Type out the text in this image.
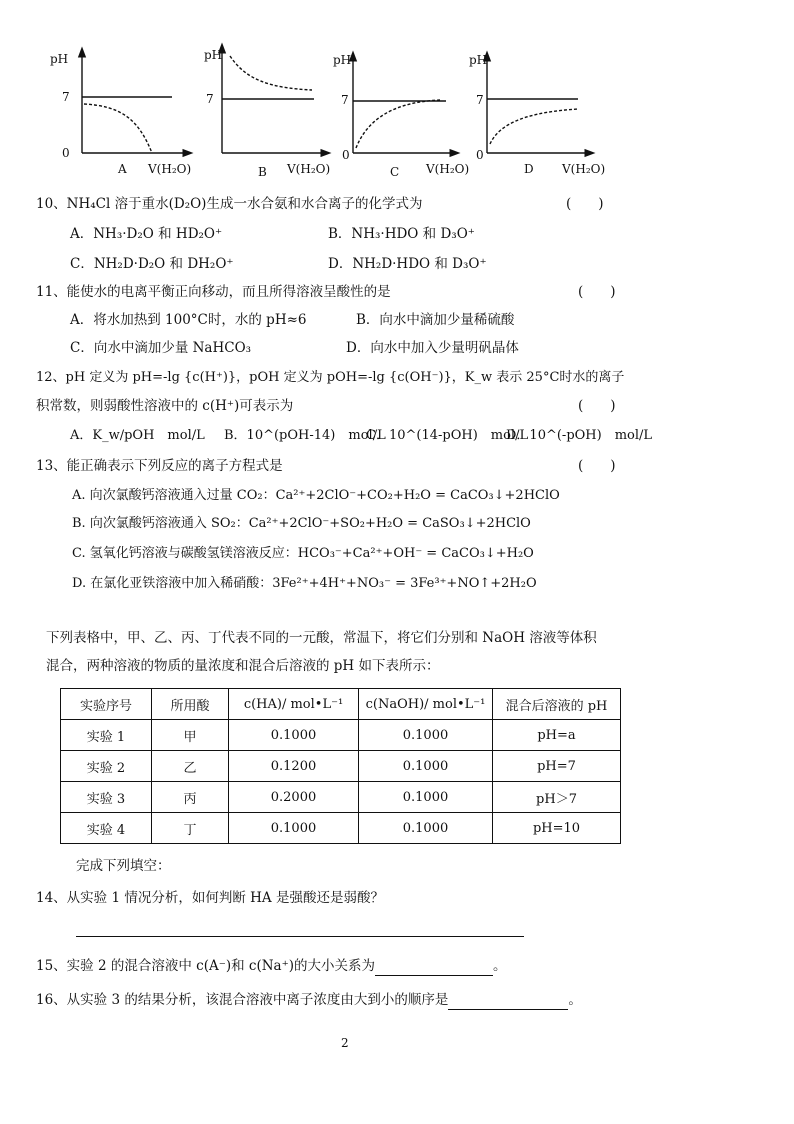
pH
7
0
A V(H₂O)
pH
7
B V(H₂O)
pH
7
0
C V(H₂O)
pH
7
0
D V(H₂O)
10、NH₄Cl 溶于重水(D₂O)生成一水合氨和水合离子的化学式为	(　　)
A．NH₃·D₂O 和 HD₂O⁺	B．NH₃·HDO 和 D₃O⁺
C．NH₂D·D₂O 和 DH₂O⁺	D．NH₂D·HDO 和 D₃O⁺
11、能使水的电离平衡正向移动，而且所得溶液呈酸性的是	(　　)
A．将水加热到 100°C时，水的 pH≈6	B．向水中滴加少量稀硫酸
C．向水中滴加少量 NaHCO₃	D．向水中加入少量明矾晶体
12、pH 定义为 pH=-lg {c(H⁺)}，pOH 定义为 pOH=-lg {c(OH⁻)}，K_w 表示 25°C时水的离子
积常数，则弱酸性溶液中的 c(H⁺)可表示为	(　　)
A．K_w/pOH　mol/L B．10^(pOH-14)　mol/L
C．10^(14-pOH)　mol/L
D．10^(-pOH)　mol/L
13、能正确表示下列反应的离子方程式是	(　　)
A. 向次氯酸钙溶液通入过量 CO₂：Ca²⁺+2ClO⁻+CO₂+H₂O = CaCO₃↓+2HClO
B. 向次氯酸钙溶液通入 SO₂：Ca²⁺+2ClO⁻+SO₂+H₂O = CaSO₃↓+2HClO
C. 氢氧化钙溶液与碳酸氢镁溶液反应：HCO₃⁻+Ca²⁺+OH⁻ = CaCO₃↓+H₂O
D. 在氯化亚铁溶液中加入稀硝酸：3Fe²⁺+4H⁺+NO₃⁻ = 3Fe³⁺+NO↑+2H₂O
下列表格中，甲、乙、丙、丁代表不同的一元酸，常温下，将它们分别和 NaOH 溶液等体积
混合，两种溶液的物质的量浓度和混合后溶液的 pH 如下表所示：
实验序号	所用酸	c(HA)/ mol•L⁻¹	c(NaOH)/ mol•L⁻¹	混合后溶液的 pH
实验 1	甲	0.1000	0.1000	pH=a
实验 2	乙	0.1200	0.1000	pH=7
实验 3	丙	0.2000	0.1000	pH＞7
实验 4	丁	0.1000	0.1000	pH=10
完成下列填空：
14、从实验 1 情况分析，如何判断 HA 是强酸还是弱酸？
15、实验 2 的混合溶液中 c(A⁻)和 c(Na⁺)的大小关系为	。
16、从实验 3 的结果分析，该混合溶液中离子浓度由大到小的顺序是	。
2
